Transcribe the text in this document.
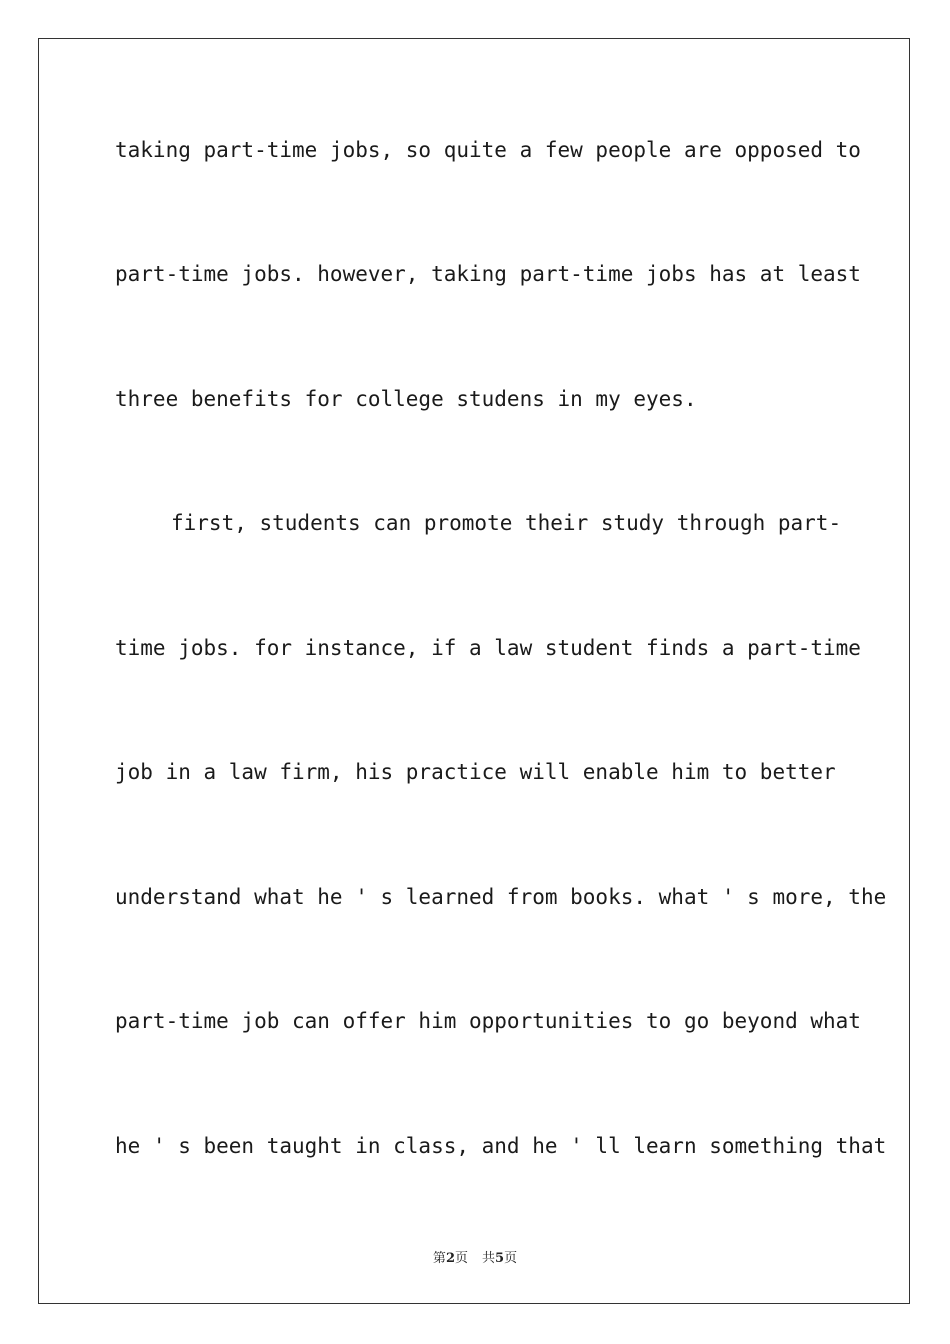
taking part-time jobs, so quite a few people are opposed to
part-time jobs. however, taking part-time jobs has at least
three benefits for college studens in my eyes.
first, students can promote their study through part-
time jobs. for instance, if a law student finds a part-time
job in a law firm, his practice will enable him to better
understand what he ' s learned from books. what ' s more, the
part-time job can offer him opportunities to go beyond what
he ' s been taught in class, and he ' ll learn something that
第2页 共5页
